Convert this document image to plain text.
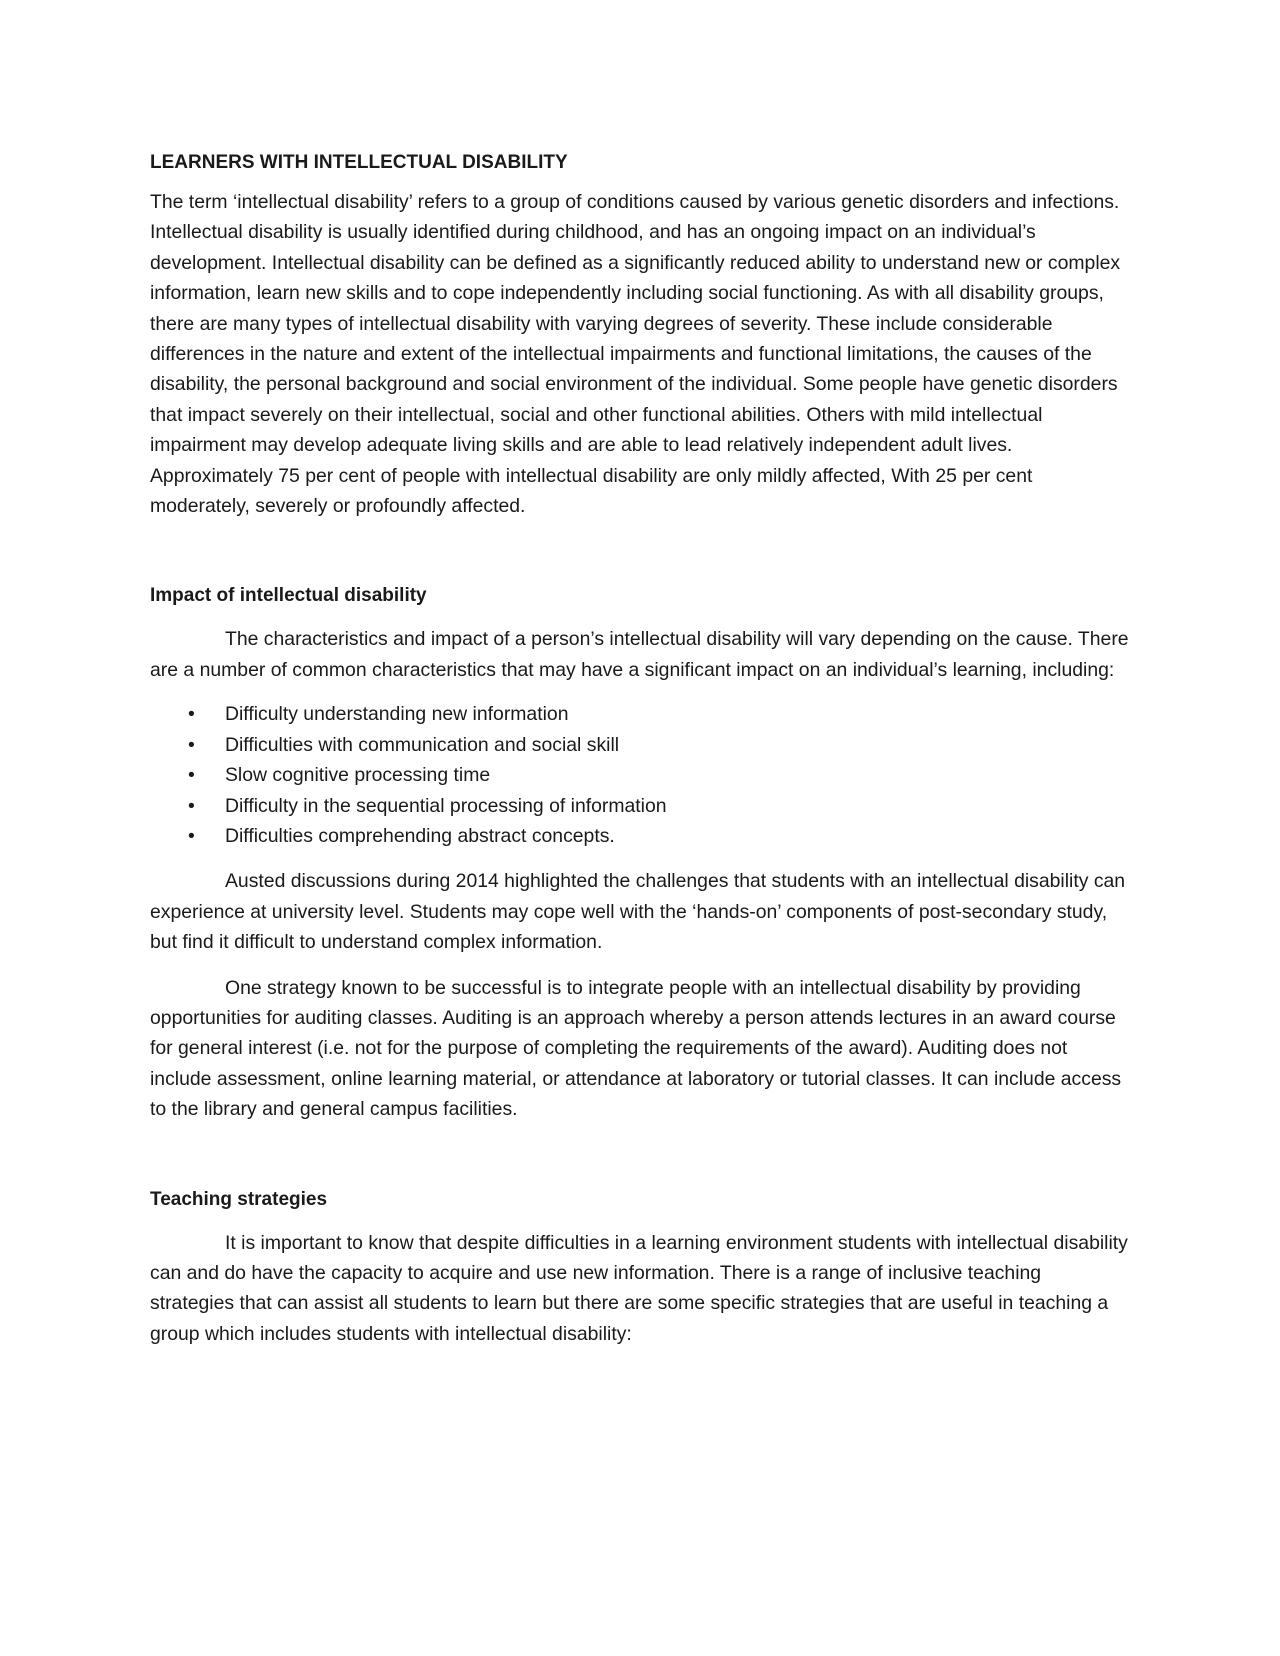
LEARNERS WITH INTELLECTUAL DISABILITY

The term ‘intellectual disability’ refers to a group of conditions caused by various genetic disorders and infections. Intellectual disability is usually identified during childhood, and has an ongoing impact on an individual’s development. Intellectual disability can be defined as a significantly reduced ability to understand new or complex information, learn new skills and to cope independently including social functioning. As with all disability groups, there are many types of intellectual disability with varying degrees of severity. These include considerable differences in the nature and extent of the intellectual impairments and functional limitations, the causes of the disability, the personal background and social environment of the individual. Some people have genetic disorders that impact severely on their intellectual, social and other functional abilities. Others with mild intellectual impairment may develop adequate living skills and are able to lead relatively independent adult lives. Approximately 75 per cent of people with intellectual disability are only mildly affected, With 25 per cent moderately, severely or profoundly affected.

Impact of intellectual disability

The characteristics and impact of a person’s intellectual disability will vary depending on the cause. There are a number of common characteristics that may have a significant impact on an individual’s learning, including:

• Difficulty understanding new information
• Difficulties with communication and social skill
• Slow cognitive processing time
• Difficulty in the sequential processing of information
• Difficulties comprehending abstract concepts.

Austed discussions during 2014 highlighted the challenges that students with an intellectual disability can experience at university level. Students may cope well with the ‘hands-on’ components of post-secondary study, but find it difficult to understand complex information.

One strategy known to be successful is to integrate people with an intellectual disability by providing opportunities for auditing classes. Auditing is an approach whereby a person attends lectures in an award course for general interest (i.e. not for the purpose of completing the requirements of the award). Auditing does not include assessment, online learning material, or attendance at laboratory or tutorial classes. It can include access to the library and general campus facilities.

Teaching strategies

It is important to know that despite difficulties in a learning environment students with intellectual disability can and do have the capacity to acquire and use new information. There is a range of inclusive teaching strategies that can assist all students to learn but there are some specific strategies that are useful in teaching a group which includes students with intellectual disability:
